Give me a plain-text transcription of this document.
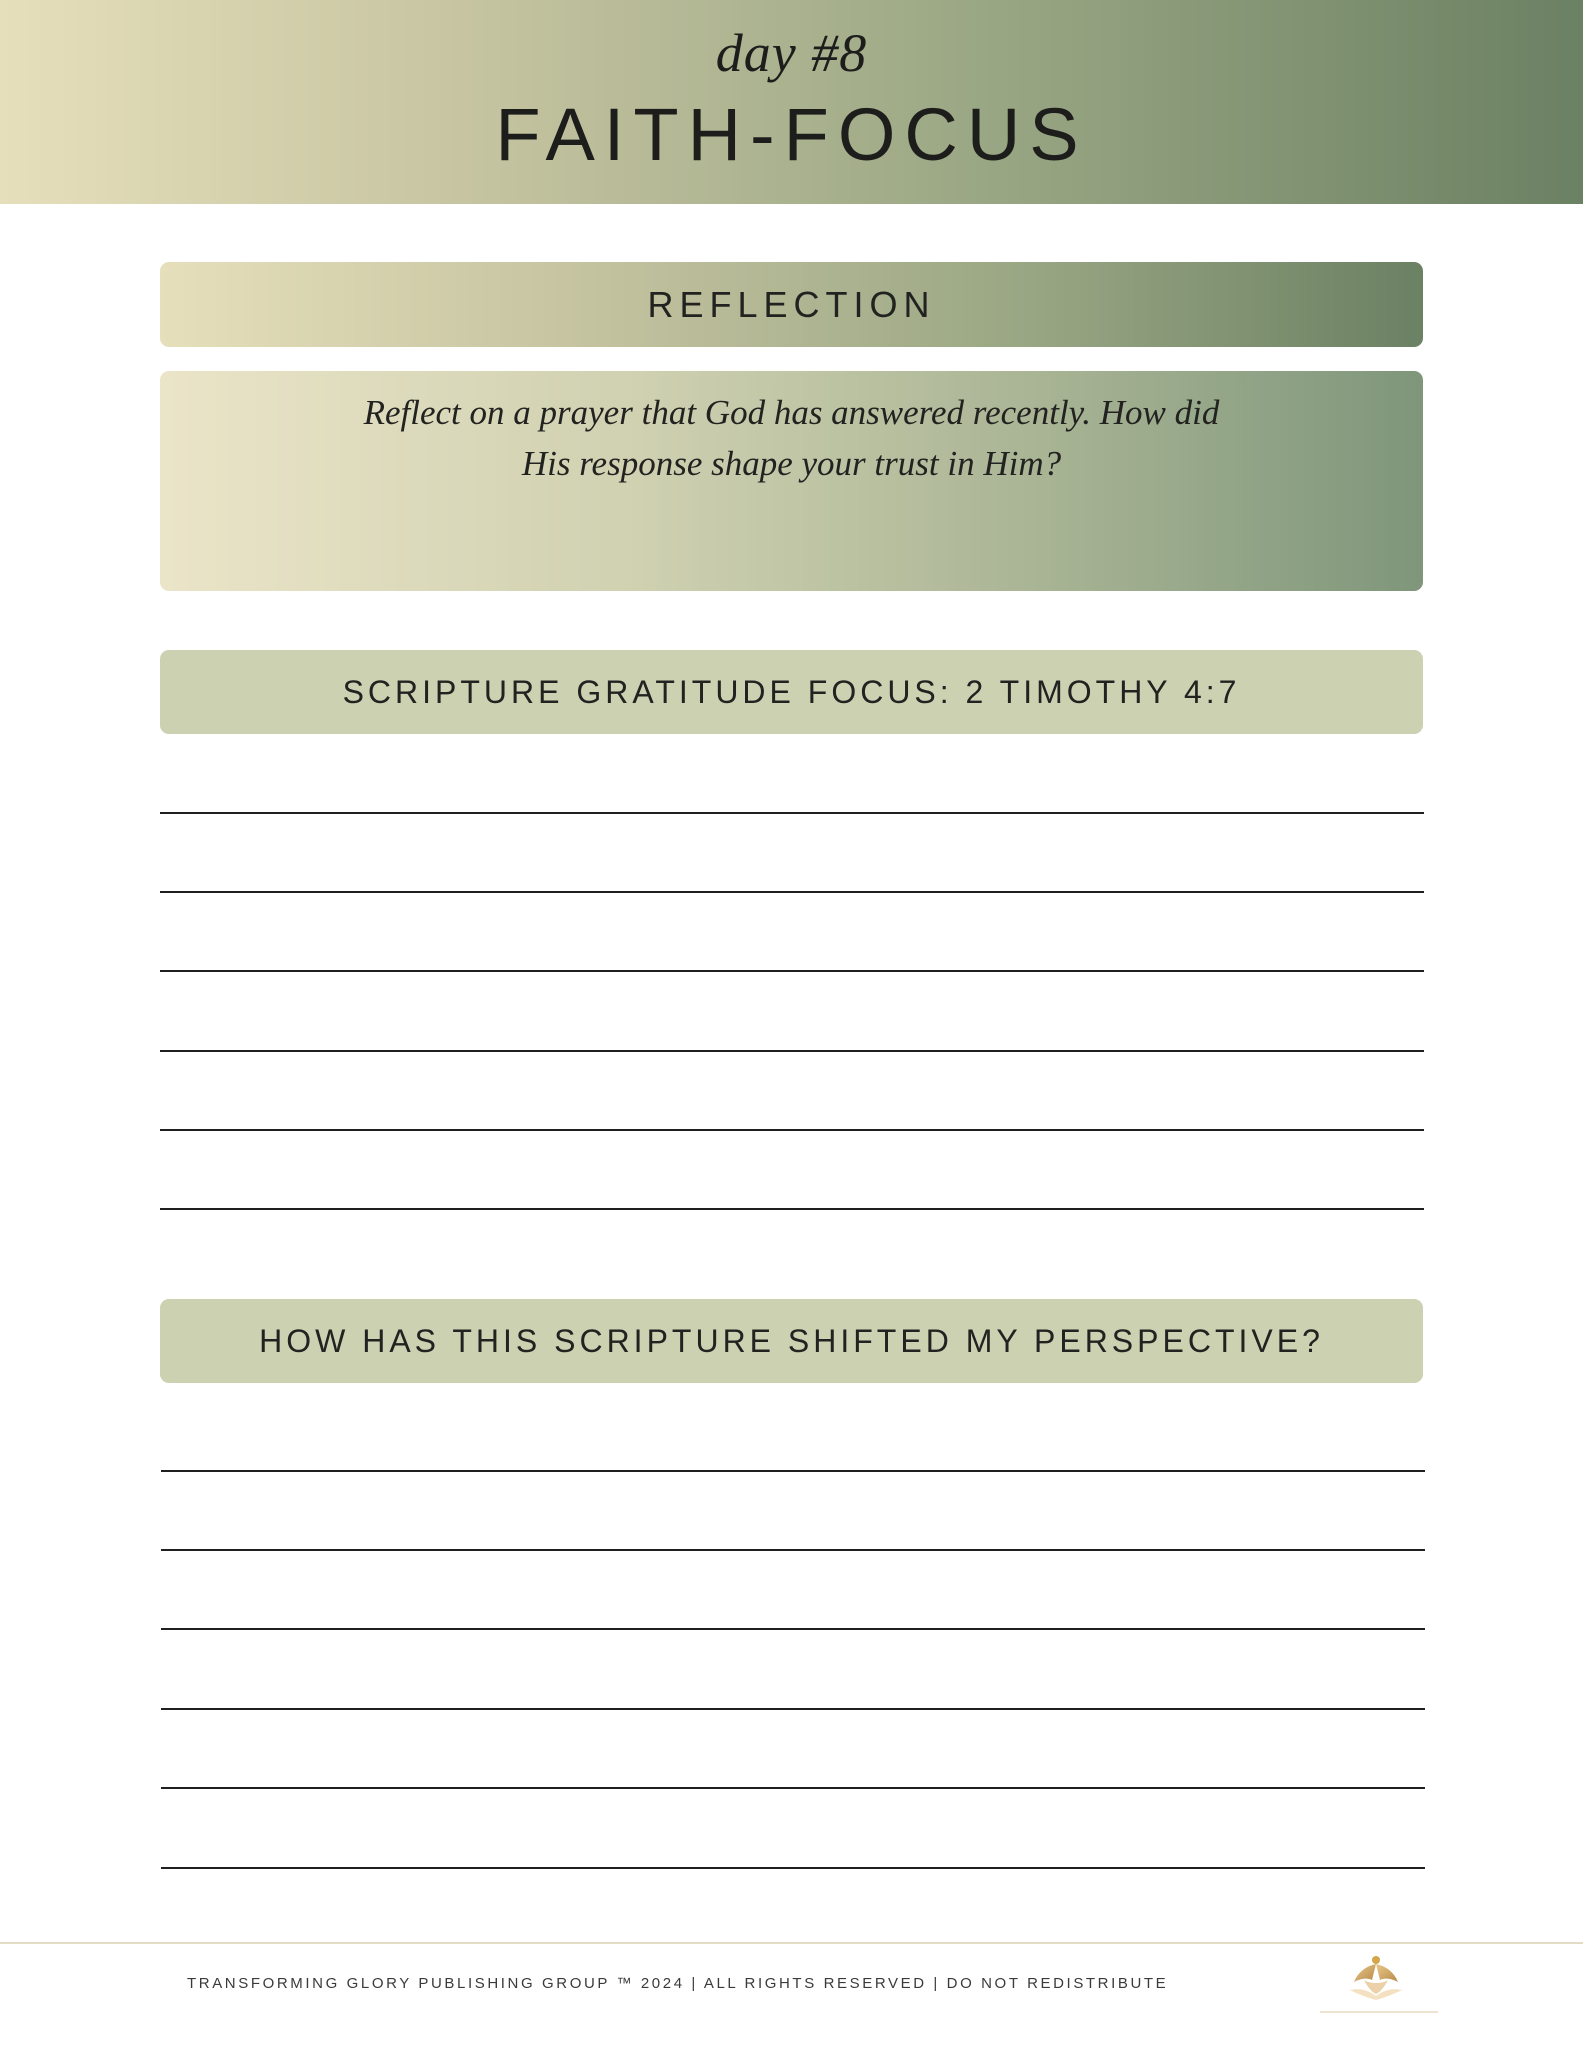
day #8
FAITH-FOCUS
REFLECTION
Reflect on a prayer that God has answered recently. How did His response shape your trust in Him?
SCRIPTURE GRATITUDE FOCUS: 2 TIMOTHY 4:7
HOW HAS THIS SCRIPTURE SHIFTED MY PERSPECTIVE?
TRANSFORMING GLORY PUBLISHING GROUP ™ 2024 | ALL RIGHTS RESERVED | DO NOT REDISTRIBUTE
